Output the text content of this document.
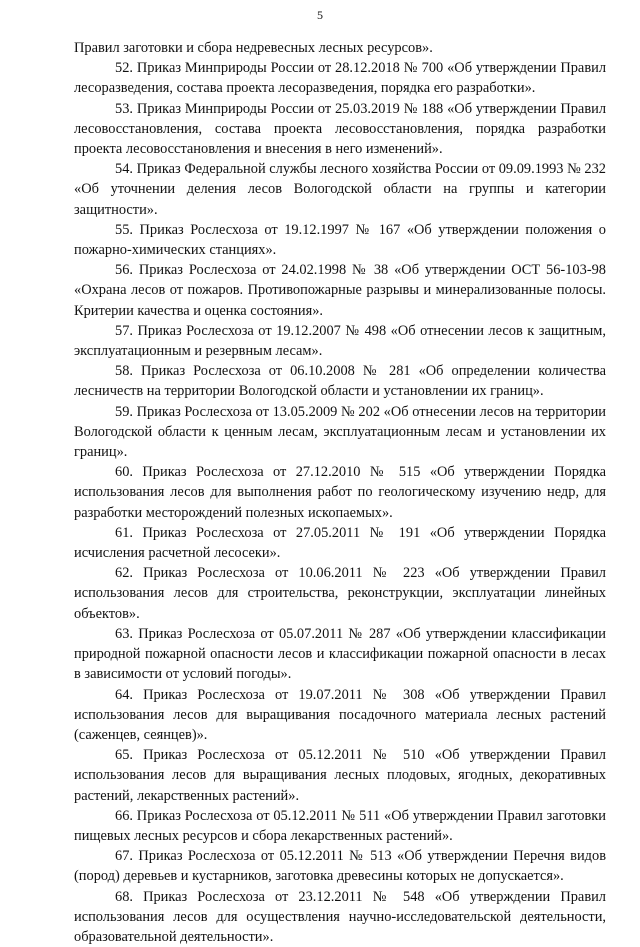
5

Правил заготовки и сбора недревесных лесных ресурсов».

52. Приказ Минприроды России от 28.12.2018 № 700 «Об утверждении Правил лесоразведения, состава проекта лесоразведения, порядка его разработки».

53. Приказ Минприроды России от 25.03.2019 № 188 «Об утверждении Правил лесовосстановления, состава проекта лесовосстановления, порядка разработки проекта лесовосстановления и внесения в него изменений».

54. Приказ Федеральной службы лесного хозяйства России от 09.09.1993 № 232 «Об уточнении деления лесов Вологодской области на группы и категории защитности».

55. Приказ Рослесхоза от 19.12.1997 № 167 «Об утверждении положения о пожарно-химических станциях».

56. Приказ Рослесхоза от 24.02.1998 № 38 «Об утверждении ОСТ 56-103-98 «Охрана лесов от пожаров. Противопожарные разрывы и минерализованные полосы. Критерии качества и оценка состояния».

57. Приказ Рослесхоза от 19.12.2007 № 498 «Об отнесении лесов к защитным, эксплуатационным и резервным лесам».

58. Приказ Рослесхоза от 06.10.2008 № 281 «Об определении количества лесничеств на территории Вологодской области и установлении их границ».

59. Приказ Рослесхоза от 13.05.2009 № 202 «Об отнесении лесов на территории Вологодской области к ценным лесам, эксплуатационным лесам и установлении их границ».

60. Приказ Рослесхоза от 27.12.2010 № 515 «Об утверждении Порядка использования лесов для выполнения работ по геологическому изучению недр, для разработки месторождений полезных ископаемых».

61. Приказ Рослесхоза от 27.05.2011 № 191 «Об утверждении Порядка исчисления расчетной лесосеки».

62. Приказ Рослесхоза от 10.06.2011 № 223 «Об утверждении Правил использования лесов для строительства, реконструкции, эксплуатации линейных объектов».

63. Приказ Рослесхоза от 05.07.2011 № 287 «Об утверждении классификации природной пожарной опасности лесов и классификации пожарной опасности в лесах в зависимости от условий погоды».

64. Приказ Рослесхоза от 19.07.2011 № 308 «Об утверждении Правил использования лесов для выращивания посадочного материала лесных растений (саженцев, сеянцев)».

65. Приказ Рослесхоза от 05.12.2011 № 510 «Об утверждении Правил использования лесов для выращивания лесных плодовых, ягодных, декоративных растений, лекарственных растений».

66. Приказ Рослесхоза от 05.12.2011 № 511 «Об утверждении Правил заготовки пищевых лесных ресурсов и сбора лекарственных растений».

67. Приказ Рослесхоза от 05.12.2011 № 513 «Об утверждении Перечня видов (пород) деревьев и кустарников, заготовка древесины которых не допускается».

68. Приказ Рослесхоза от 23.12.2011 № 548 «Об утверждении Правил использования лесов для осуществления научно-исследовательской деятельности, образовательной деятельности».
